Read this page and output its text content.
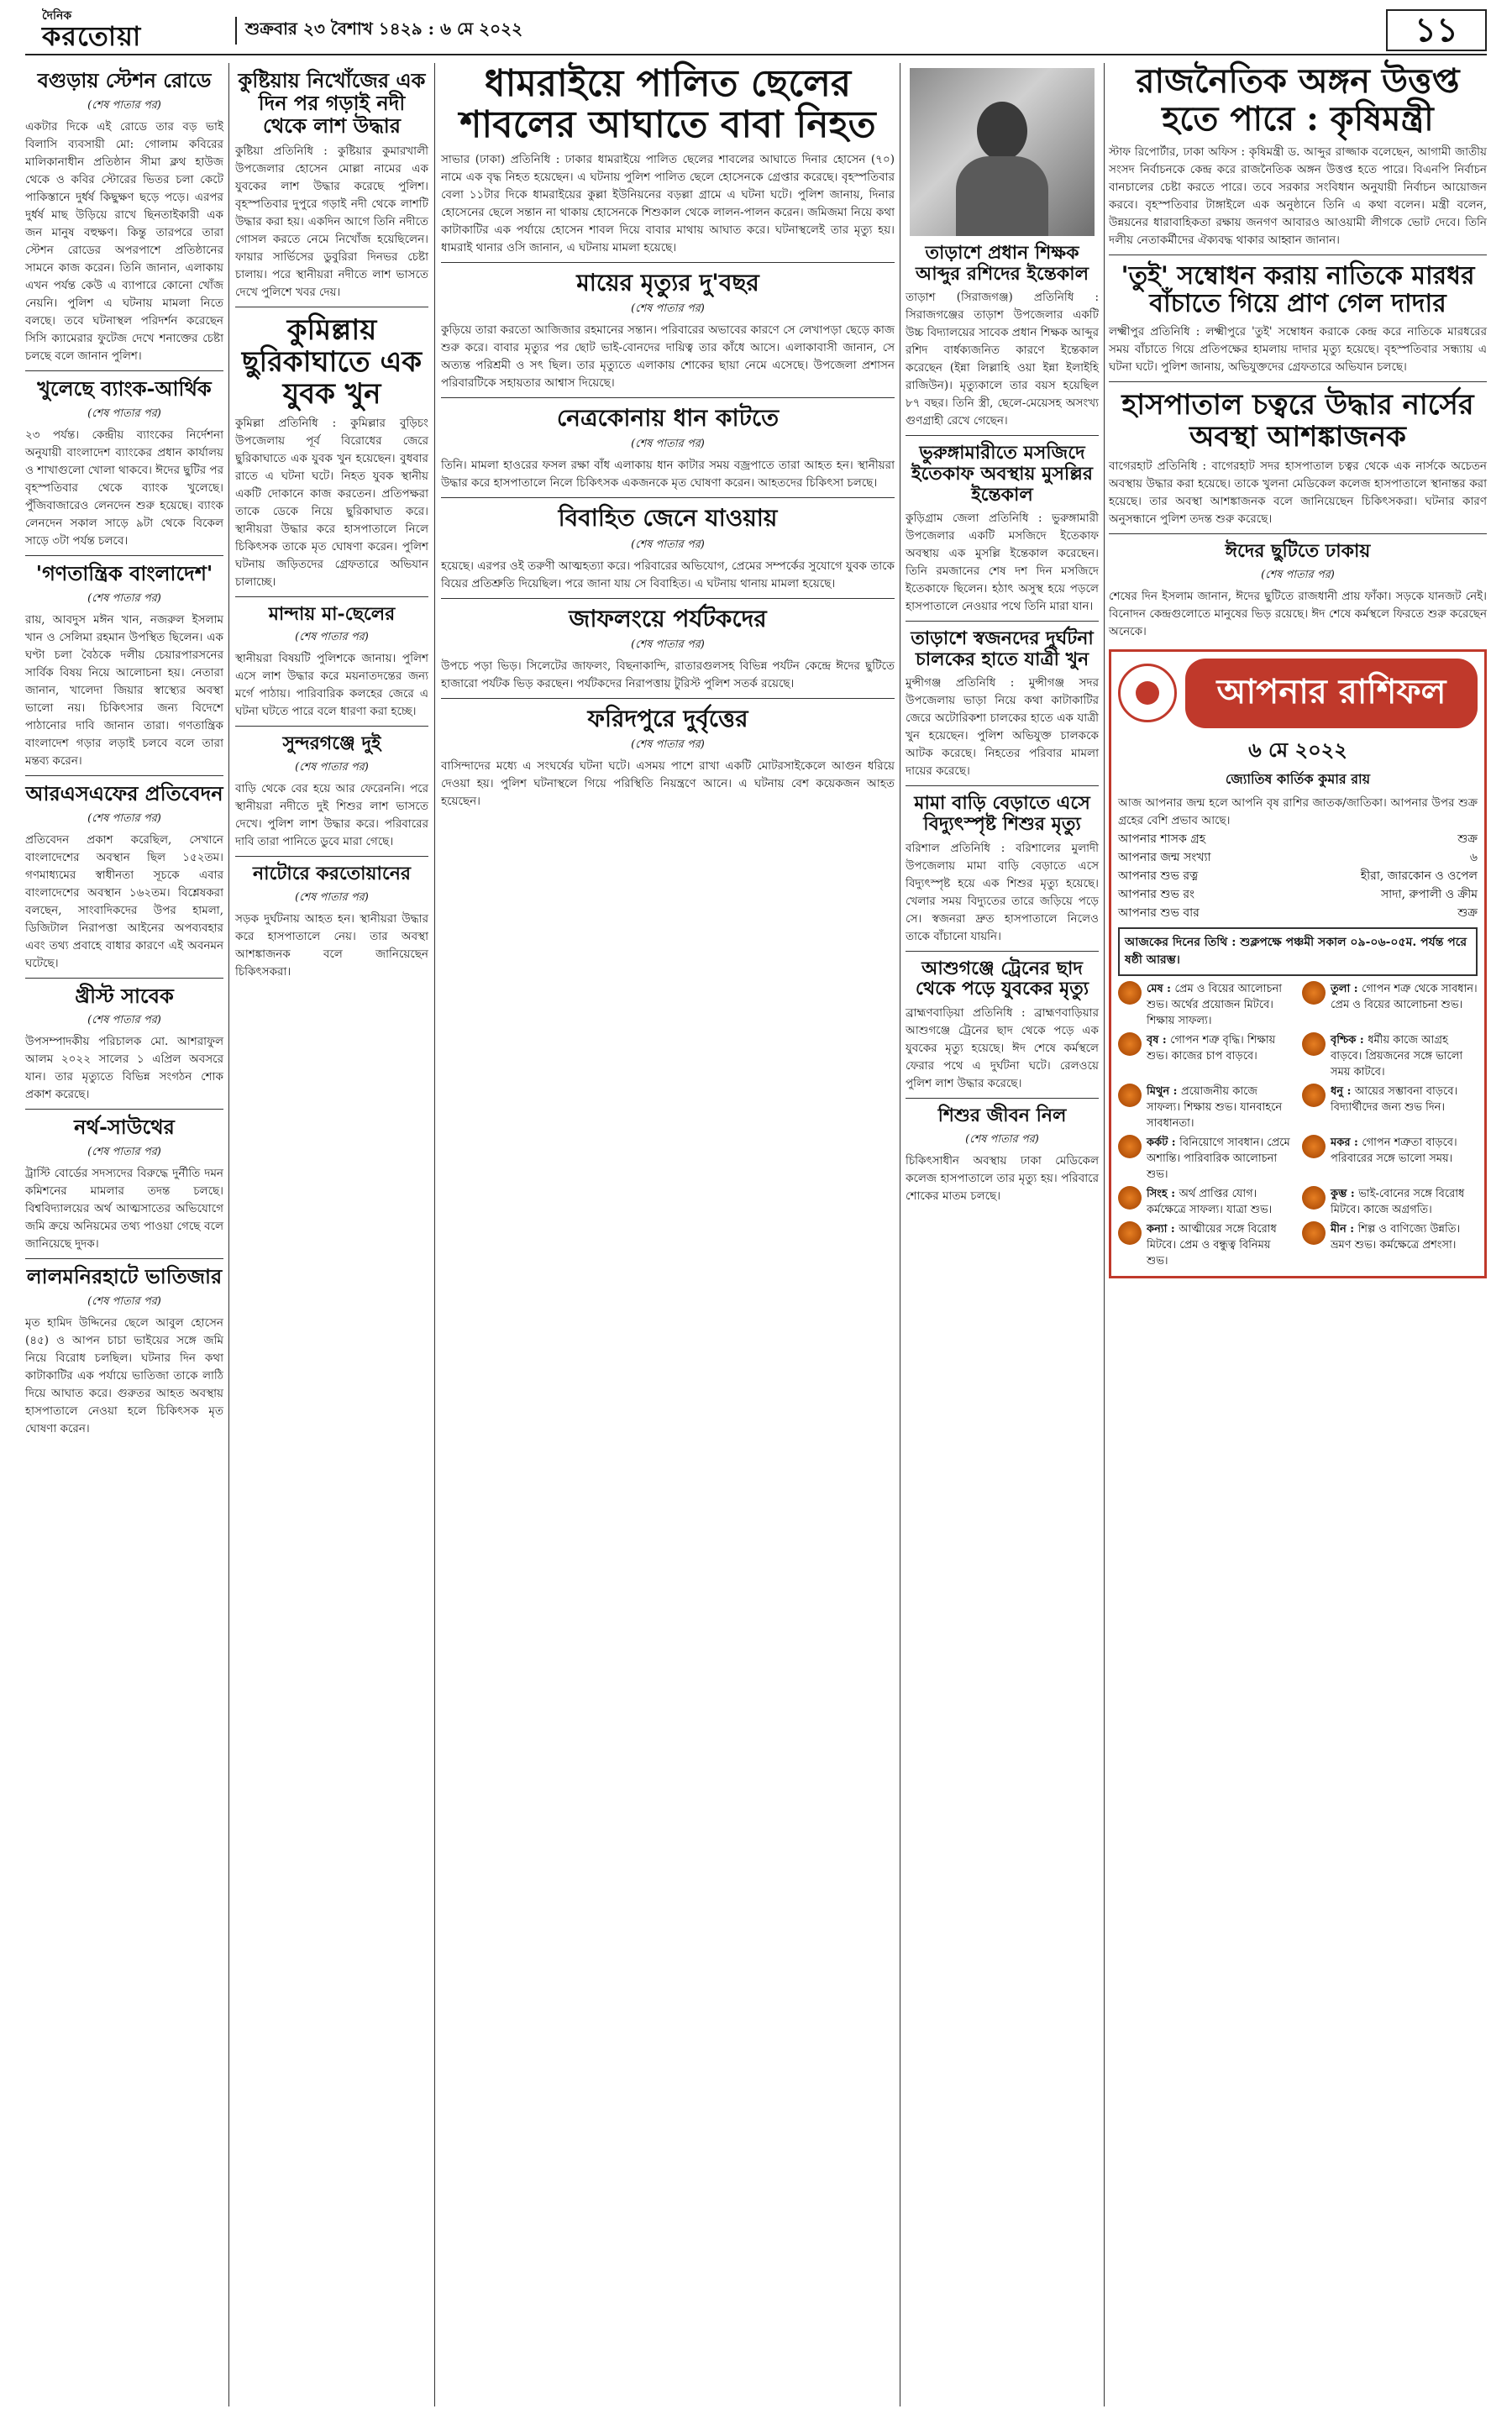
দৈনিক
করতোয়া	শুক্রবার ২৩ বৈশাখ ১৪২৯ : ৬ মে ২০২২	১১
বগুড়ায় স্টেশন রোডে
(শেষ পাতার পর)
একটার দিকে এই রোডে তার বড় ভাই বিলাসি ব্যবসায়ী মো: গোলাম কবিরের মালিকানাধীন প্রতিষ্ঠান সীমা ক্লথ হাউজ থেকে ও কবির স্টোরের ভিতর চলা কেটে পাকিস্তানে দুর্ধর্ষ কিছুক্ষণ ছড়ে পড়ে। এরপর দুর্ধর্ষ মাছ উড়িয়ে রাখে ছিনতাইকারী এক জন মানুষ বহুক্ষণ। কিন্তু তারপরে তারা স্টেশন রোডের অপরপাশে প্রতিষ্ঠানের সামনে কাজ করেন। তিনি জানান, এলাকায় এখন পর্যন্ত কেউ এ ব্যাপারে কোনো খোঁজ নেয়নি। পুলিশ এ ঘটনায় মামলা নিতে বলছে। তবে ঘটনাস্থল পরিদর্শন করেছেন সিসি ক্যামেরার ফুটেজ দেখে শনাক্তের চেষ্টা চলছে বলে জানান পুলিশ।
খুলেছে ব্যাংক-আর্থিক
(শেষ পাতার পর)
২৩ পর্যন্ত। কেন্দ্রীয় ব্যাংকের নির্দেশনা অনুযায়ী বাংলাদেশ ব্যাংকের প্রধান কার্যালয় ও শাখাগুলো খোলা থাকবে। ঈদের ছুটির পর বৃহস্পতিবার থেকে ব্যাংক খুলেছে। পুঁজিবাজারেও লেনদেন শুরু হয়েছে। ব্যাংক লেনদেন সকাল সাড়ে ৯টা থেকে বিকেল সাড়ে ৩টা পর্যন্ত চলবে।
'গণতান্ত্রিক বাংলাদেশ'
(শেষ পাতার পর)
রায়, আবদুস মঈন খান, নজরুল ইসলাম খান ও সেলিমা রহমান উপস্থিত ছিলেন। এক ঘণ্টা চলা বৈঠকে দলীয় চেয়ারপারসনের সার্বিক বিষয় নিয়ে আলোচনা হয়। নেতারা জানান, খালেদা জিয়ার স্বাস্থ্যের অবস্থা ভালো নয়। চিকিৎসার জন্য বিদেশে পাঠানোর দাবি জানান তারা। গণতান্ত্রিক বাংলাদেশ গড়ার লড়াই চলবে বলে তারা মন্তব্য করেন।
আরএসএফের প্রতিবেদন
(শেষ পাতার পর)
প্রতিবেদন প্রকাশ করেছিল, সেখানে বাংলাদেশের অবস্থান ছিল ১৫২তম। গণমাধ্যমের স্বাধীনতা সূচকে এবার বাংলাদেশের অবস্থান ১৬২তম। বিশ্লেষকরা বলছেন, সাংবাদিকদের উপর হামলা, ডিজিটাল নিরাপত্তা আইনের অপব্যবহার এবং তথ্য প্রবাহে বাধার কারণে এই অবনমন ঘটেছে।
খ্রীস্ট সাবেক
(শেষ পাতার পর)
উপসম্পাদকীয় পরিচালক মো. আশরাফুল আলম ২০২২ সালের ১ এপ্রিল অবসরে যান। তার মৃত্যুতে বিভিন্ন সংগঠন শোক প্রকাশ করেছে।
নর্থ-সাউথের
(শেষ পাতার পর)
ট্রাস্টি বোর্ডের সদস্যদের বিরুদ্ধে দুর্নীতি দমন কমিশনের মামলার তদন্ত চলছে। বিশ্ববিদ্যালয়ের অর্থ আত্মসাতের অভিযোগে জমি ক্রয়ে অনিয়মের তথ্য পাওয়া গেছে বলে জানিয়েছে দুদক।
লালমনিরহাটে ভাতিজার
(শেষ পাতার পর)
মৃত হামিদ উদ্দিনের ছেলে আবুল হোসেন (৪৫) ও আপন চাচা ভাইয়ের সঙ্গে জমি নিয়ে বিরোধ চলছিল। ঘটনার দিন কথা কাটাকাটির এক পর্যায়ে ভাতিজা তাকে লাঠি দিয়ে আঘাত করে। গুরুতর আহত অবস্থায় হাসপাতালে নেওয়া হলে চিকিৎসক মৃত ঘোষণা করেন।
কুষ্টিয়ায় নিখোঁজের এক দিন পর গড়াই নদী থেকে লাশ উদ্ধার
কুষ্টিয়া প্রতিনিধি : কুষ্টিয়ার কুমারখালী উপজেলার হোসেন মোল্লা নামের এক যুবকের লাশ উদ্ধার করেছে পুলিশ। বৃহস্পতিবার দুপুরে গড়াই নদী থেকে লাশটি উদ্ধার করা হয়। একদিন আগে তিনি নদীতে গোসল করতে নেমে নিখোঁজ হয়েছিলেন। ফায়ার সার্ভিসের ডুবুরিরা দিনভর চেষ্টা চালায়। পরে স্থানীয়রা নদীতে লাশ ভাসতে দেখে পুলিশে খবর দেয়।
কুমিল্লায় ছুরিকাঘাতে এক যুবক খুন
কুমিল্লা প্রতিনিধি : কুমিল্লার বুড়িচং উপজেলায় পূর্ব বিরোধের জেরে ছুরিকাঘাতে এক যুবক খুন হয়েছেন। বুধবার রাতে এ ঘটনা ঘটে। নিহত যুবক স্থানীয় একটি দোকানে কাজ করতেন। প্রতিপক্ষরা তাকে ডেকে নিয়ে ছুরিকাঘাত করে। স্থানীয়রা উদ্ধার করে হাসপাতালে নিলে চিকিৎসক তাকে মৃত ঘোষণা করেন। পুলিশ ঘটনায় জড়িতদের গ্রেফতারে অভিযান চালাচ্ছে।
মান্দায় মা-ছেলের
(শেষ পাতার পর)
স্থানীয়রা বিষয়টি পুলিশকে জানায়। পুলিশ এসে লাশ উদ্ধার করে ময়নাতদন্তের জন্য মর্গে পাঠায়। পারিবারিক কলহের জেরে এ ঘটনা ঘটতে পারে বলে ধারণা করা হচ্ছে।
সুন্দরগঞ্জে দুই
(শেষ পাতার পর)
বাড়ি থেকে বের হয়ে আর ফেরেননি। পরে স্থানীয়রা নদীতে দুই শিশুর লাশ ভাসতে দেখে। পুলিশ লাশ উদ্ধার করে। পরিবারের দাবি তারা পানিতে ডুবে মারা গেছে।
নাটোরে করতোয়ানের
(শেষ পাতার পর)
সড়ক দুর্ঘটনায় আহত হন। স্থানীয়রা উদ্ধার করে হাসপাতালে নেয়। তার অবস্থা আশঙ্কাজনক বলে জানিয়েছেন চিকিৎসকরা।
ধামরাইয়ে পালিত ছেলের শাবলের আঘাতে বাবা নিহত
সাভার (ঢাকা) প্রতিনিধি : ঢাকার ধামরাইয়ে পালিত ছেলের শাবলের আঘাতে দিনার হোসেন (৭০) নামে এক বৃদ্ধ নিহত হয়েছেন। এ ঘটনায় পুলিশ পালিত ছেলে হোসেনকে গ্রেপ্তার করেছে। বৃহস্পতিবার বেলা ১১টার দিকে ধামরাইয়ের কুল্লা ইউনিয়নের বড়ল্লা গ্রামে এ ঘটনা ঘটে। পুলিশ জানায়, দিনার হোসেনের ছেলে সন্তান না থাকায় হোসেনকে শিশুকাল থেকে লালন-পালন করেন। জমিজমা নিয়ে কথা কাটাকাটির এক পর্যায়ে হোসেন শাবল দিয়ে বাবার মাথায় আঘাত করে। ঘটনাস্থলেই তার মৃত্যু হয়। ধামরাই থানার ওসি জানান, এ ঘটনায় মামলা হয়েছে।
মায়ের মৃত্যুর দু'বছর
(শেষ পাতার পর)
কুড়িয়ে তারা করতো আজিজার রহমানের সন্তান। পরিবারের অভাবের কারণে সে লেখাপড়া ছেড়ে কাজ শুরু করে। বাবার মৃত্যুর পর ছোট ভাই-বোনদের দায়িত্ব তার কাঁধে আসে। এলাকাবাসী জানান, সে অত্যন্ত পরিশ্রমী ও সৎ ছিল। তার মৃত্যুতে এলাকায় শোকের ছায়া নেমে এসেছে। উপজেলা প্রশাসন পরিবারটিকে সহায়তার আশ্বাস দিয়েছে।
নেত্রকোনায় ধান কাটতে
(শেষ পাতার পর)
তিনি। মামলা হাওরের ফসল রক্ষা বাঁধ এলাকায় ধান কাটার সময় বজ্রপাতে তারা আহত হন। স্থানীয়রা উদ্ধার করে হাসপাতালে নিলে চিকিৎসক একজনকে মৃত ঘোষণা করেন। আহতদের চিকিৎসা চলছে।
বিবাহিত জেনে যাওয়ায়
(শেষ পাতার পর)
হয়েছে। এরপর ওই তরুণী আত্মহত্যা করে। পরিবারের অভিযোগ, প্রেমের সম্পর্কের সুযোগে যুবক তাকে বিয়ের প্রতিশ্রুতি দিয়েছিল। পরে জানা যায় সে বিবাহিত। এ ঘটনায় থানায় মামলা হয়েছে।
জাফলংয়ে পর্যটকদের
(শেষ পাতার পর)
উপচে পড়া ভিড়। সিলেটের জাফলং, বিছনাকান্দি, রাতারগুলসহ বিভিন্ন পর্যটন কেন্দ্রে ঈদের ছুটিতে হাজারো পর্যটক ভিড় করছেন। পর্যটকদের নিরাপত্তায় টুরিস্ট পুলিশ সতর্ক রয়েছে।
ফরিদপুরে দুর্বৃত্তের
(শেষ পাতার পর)
বাসিন্দাদের মধ্যে এ সংঘর্ষের ঘটনা ঘটে। এসময় পাশে রাখা একটি মোটরসাইকেলে আগুন ধরিয়ে দেওয়া হয়। পুলিশ ঘটনাস্থলে গিয়ে পরিস্থিতি নিয়ন্ত্রণে আনে। এ ঘটনায় বেশ কয়েকজন আহত হয়েছেন।
তাড়াশে প্রধান শিক্ষক আব্দুর রশিদের ইন্তেকাল
তাড়াশ (সিরাজগঞ্জ) প্রতিনিধি : সিরাজগঞ্জের তাড়াশ উপজেলার একটি উচ্চ বিদ্যালয়ের সাবেক প্রধান শিক্ষক আব্দুর রশিদ বার্ধক্যজনিত কারণে ইন্তেকাল করেছেন (ইন্না লিল্লাহি ওয়া ইন্না ইলাইহি রাজিউন)। মৃত্যুকালে তার বয়স হয়েছিল ৮৭ বছর। তিনি স্ত্রী, ছেলে-মেয়েসহ অসংখ্য গুণগ্রাহী রেখে গেছেন।
ভুরুঙ্গামারীতে মসজিদে ইতেকাফ অবস্থায় মুসল্লির ইন্তেকাল
কুড়িগ্রাম জেলা প্রতিনিধি : ভুরুঙ্গামারী উপজেলার একটি মসজিদে ইতেকাফ অবস্থায় এক মুসল্লি ইন্তেকাল করেছেন। তিনি রমজানের শেষ দশ দিন মসজিদে ইতেকাফে ছিলেন। হঠাৎ অসুস্থ হয়ে পড়লে হাসপাতালে নেওয়ার পথে তিনি মারা যান।
তাড়াশে স্বজনদের দুর্ঘটনা চালকের হাতে যাত্রী খুন
মুন্সীগঞ্জ প্রতিনিধি : মুন্সীগঞ্জ সদর উপজেলায় ভাড়া নিয়ে কথা কাটাকাটির জেরে অটোরিকশা চালকের হাতে এক যাত্রী খুন হয়েছেন। পুলিশ অভিযুক্ত চালককে আটক করেছে। নিহতের পরিবার মামলা দায়ের করেছে।
মামা বাড়ি বেড়াতে এসে বিদ্যুৎস্পৃষ্ট শিশুর মৃত্যু
বরিশাল প্রতিনিধি : বরিশালের মুলাদী উপজেলায় মামা বাড়ি বেড়াতে এসে বিদ্যুৎস্পৃষ্ট হয়ে এক শিশুর মৃত্যু হয়েছে। খেলার সময় বিদ্যুতের তারে জড়িয়ে পড়ে সে। স্বজনরা দ্রুত হাসপাতালে নিলেও তাকে বাঁচানো যায়নি।
আশুগঞ্জে ট্রেনের ছাদ থেকে পড়ে যুবকের মৃত্যু
ব্রাহ্মণবাড়িয়া প্রতিনিধি : ব্রাহ্মণবাড়িয়ার আশুগঞ্জে ট্রেনের ছাদ থেকে পড়ে এক যুবকের মৃত্যু হয়েছে। ঈদ শেষে কর্মস্থলে ফেরার পথে এ দুর্ঘটনা ঘটে। রেলওয়ে পুলিশ লাশ উদ্ধার করেছে।
শিশুর জীবন নিল
(শেষ পাতার পর)
চিকিৎসাধীন অবস্থায় ঢাকা মেডিকেল কলেজ হাসপাতালে তার মৃত্যু হয়। পরিবারে শোকের মাতম চলছে।
রাজনৈতিক অঙ্গন উত্তপ্ত হতে পারে : কৃষিমন্ত্রী
স্টাফ রিপোর্টার, ঢাকা অফিস : কৃষিমন্ত্রী ড. আব্দুর রাজ্জাক বলেছেন, আগামী জাতীয় সংসদ নির্বাচনকে কেন্দ্র করে রাজনৈতিক অঙ্গন উত্তপ্ত হতে পারে। বিএনপি নির্বাচন বানচালের চেষ্টা করতে পারে। তবে সরকার সংবিধান অনুযায়ী নির্বাচন আয়োজন করবে। বৃহস্পতিবার টাঙ্গাইলে এক অনুষ্ঠানে তিনি এ কথা বলেন। মন্ত্রী বলেন, উন্নয়নের ধারাবাহিকতা রক্ষায় জনগণ আবারও আওয়ামী লীগকে ভোট দেবে। তিনি দলীয় নেতাকর্মীদের ঐক্যবদ্ধ থাকার আহ্বান জানান।
'তুই' সম্বোধন করায় নাতিকে মারধর বাঁচাতে গিয়ে প্রাণ গেল দাদার
লক্ষ্মীপুর প্রতিনিধি : লক্ষ্মীপুরে 'তুই' সম্বোধন করাকে কেন্দ্র করে নাতিকে মারধরের সময় বাঁচাতে গিয়ে প্রতিপক্ষের হামলায় দাদার মৃত্যু হয়েছে। বৃহস্পতিবার সন্ধ্যায় এ ঘটনা ঘটে। পুলিশ জানায়, অভিযুক্তদের গ্রেফতারে অভিযান চলছে।
হাসপাতাল চত্বরে উদ্ধার নার্সের অবস্থা আশঙ্কাজনক
বাগেরহাট প্রতিনিধি : বাগেরহাট সদর হাসপাতাল চত্বর থেকে এক নার্সকে অচেতন অবস্থায় উদ্ধার করা হয়েছে। তাকে খুলনা মেডিকেল কলেজ হাসপাতালে স্থানান্তর করা হয়েছে। তার অবস্থা আশঙ্কাজনক বলে জানিয়েছেন চিকিৎসকরা। ঘটনার কারণ অনুসন্ধানে পুলিশ তদন্ত শুরু করেছে।
ঈদের ছুটিতে ঢাকায়
(শেষ পাতার পর)
শেষের দিন ইসলাম জানান, ঈদের ছুটিতে রাজধানী প্রায় ফাঁকা। সড়কে যানজট নেই। বিনোদন কেন্দ্রগুলোতে মানুষের ভিড় রয়েছে। ঈদ শেষে কর্মস্থলে ফিরতে শুরু করেছেন অনেকে।
আপনার রাশিফল
৬ মে ২০২২
জ্যোতিষ কার্তিক কুমার রায়
আজ আপনার জন্ম হলে আপনি বৃষ রাশির জাতক/জাতিকা। আপনার উপর শুক্র গ্রহের বেশি প্রভাব আছে।
আপনার শাসক গ্রহ	শুক্র
আপনার জন্ম সংখ্যা	৬
আপনার শুভ রত্ন	হীরা, জারকোন ও ওপেল
আপনার শুভ রং	সাদা, রুপালী ও ক্রীম
আপনার শুভ বার	শুক্র
আজকের দিনের তিথি : শুক্লপক্ষে পঞ্চমী সকাল ০৯-০৬-০৫ম. পর্যন্ত পরে ষষ্ঠী আরম্ভ।
মেষ : প্রেম ও বিয়ের আলোচনা শুভ। অর্থের প্রয়োজন মিটবে। শিক্ষায় সাফল্য।
তুলা : গোপন শত্রু থেকে সাবধান। প্রেম ও বিয়ের আলোচনা শুভ।
বৃষ : গোপন শত্রু বৃদ্ধি। শিক্ষায় শুভ। কাজের চাপ বাড়বে।
বৃশ্চিক : ধর্মীয় কাজে আগ্রহ বাড়বে। প্রিয়জনের সঙ্গে ভালো সময় কাটবে।
মিথুন : প্রয়োজনীয় কাজে সাফল্য। শিক্ষায় শুভ। যানবাহনে সাবধানতা।
ধনু : আয়ের সম্ভাবনা বাড়বে। বিদ্যার্থীদের জন্য শুভ দিন।
কর্কট : বিনিয়োগে সাবধান। প্রেমে অশান্তি। পারিবারিক আলোচনা শুভ।
মকর : গোপন শত্রুতা বাড়বে। পরিবারের সঙ্গে ভালো সময়।
সিংহ : অর্থ প্রাপ্তির যোগ। কর্মক্ষেত্রে সাফল্য। যাত্রা শুভ।
কুম্ভ : ভাই-বোনের সঙ্গে বিরোধ মিটবে। কাজে অগ্রগতি।
কন্যা : আত্মীয়ের সঙ্গে বিরোধ মিটবে। প্রেম ও বন্ধুত্ব বিনিময় শুভ।
মীন : শিল্প ও বাণিজ্যে উন্নতি। ভ্রমণ শুভ। কর্মক্ষেত্রে প্রশংসা।
